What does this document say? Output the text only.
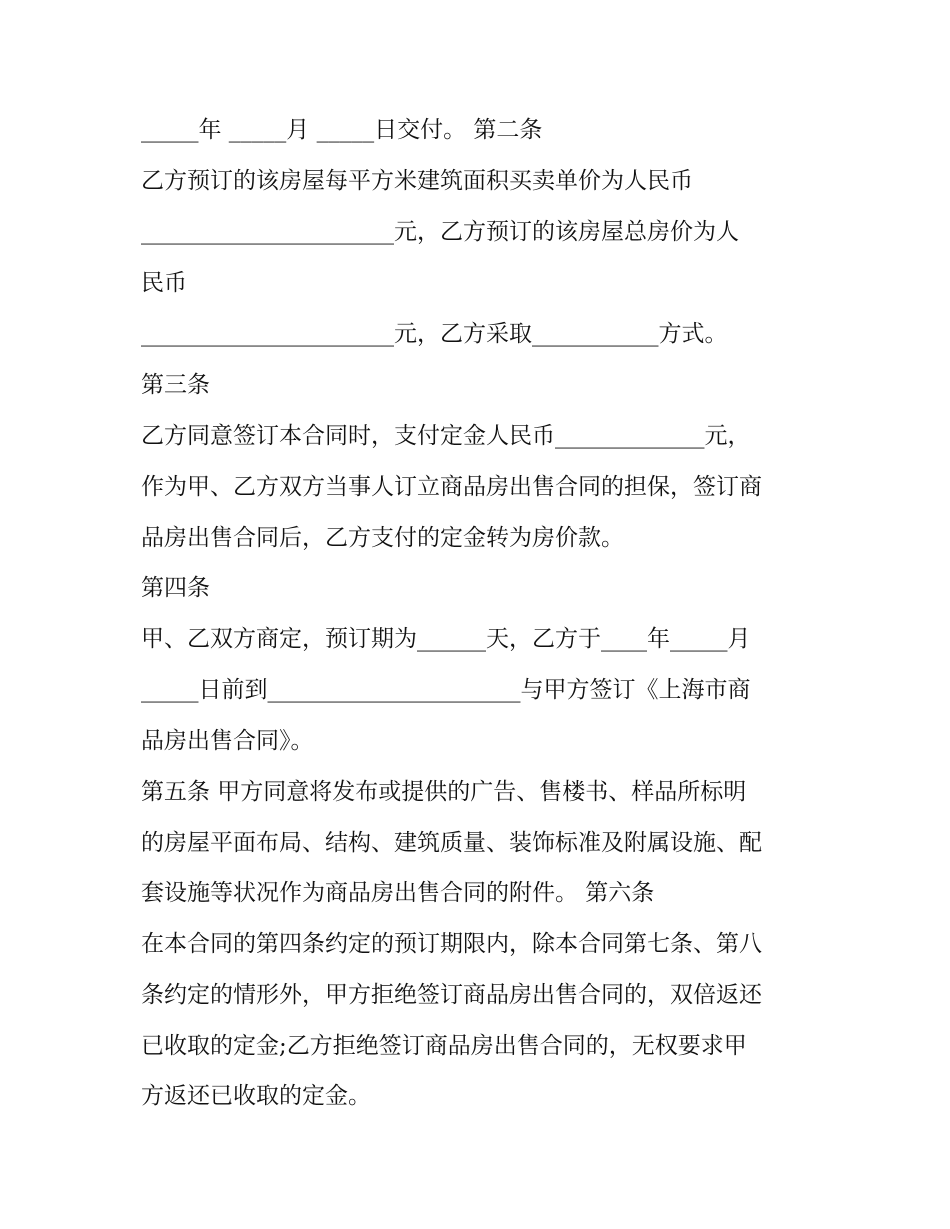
_____年 _____月 _____日交付。 第二条

乙方预订的该房屋每平方米建筑面积买卖单价为人民币

______________________元，乙方预订的该房屋总房价为人

民币

______________________元，乙方采取___________方式。

第三条

乙方同意签订本合同时，支付定金人民币_____________元，

作为甲、乙方双方当事人订立商品房出售合同的担保，签订商

品房出售合同后，乙方支付的定金转为房价款。

第四条

甲、乙双方商定，预订期为______天，乙方于____年_____月

_____日前到______________________与甲方签订《上海市商

品房出售合同》。

第五条 甲方同意将发布或提供的广告、售楼书、样品所标明

的房屋平面布局、结构、建筑质量、装饰标准及附属设施、配

套设施等状况作为商品房出售合同的附件。 第六条

在本合同的第四条约定的预订期限内，除本合同第七条、第八

条约定的情形外，甲方拒绝签订商品房出售合同的，双倍返还

已收取的定金;乙方拒绝签订商品房出售合同的，无权要求甲

方返还已收取的定金。
